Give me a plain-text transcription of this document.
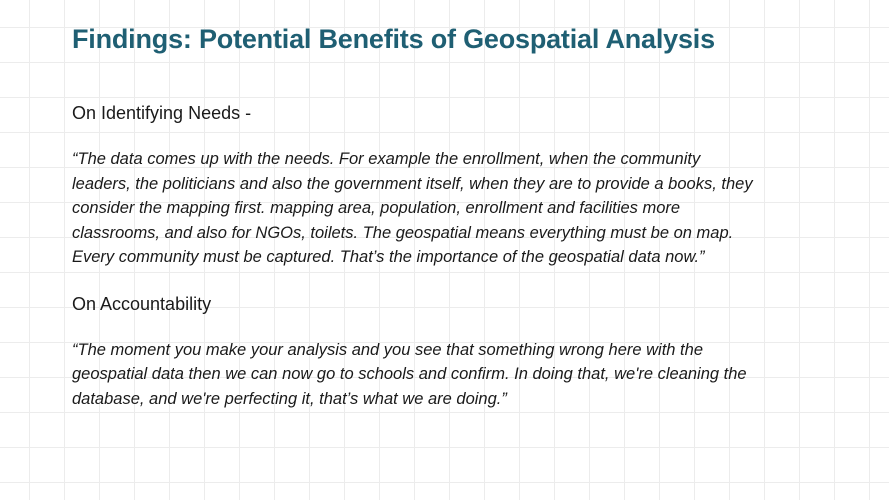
Findings: Potential Benefits of Geospatial Analysis

On Identifying Needs -

“The data comes up with the needs. For example the enrollment, when the community
leaders, the politicians and also the government itself, when they are to provide a books, they
consider the mapping first. mapping area, population, enrollment and facilities more
classrooms, and also for NGOs, toilets. The geospatial means everything must be on map.
Every community must be captured. That’s the importance of the geospatial data now.”

On Accountability

“The moment you make your analysis and you see that something wrong here with the
geospatial data then we can now go to schools and confirm. In doing that, we're cleaning the
database, and we're perfecting it, that’s what we are doing.”
